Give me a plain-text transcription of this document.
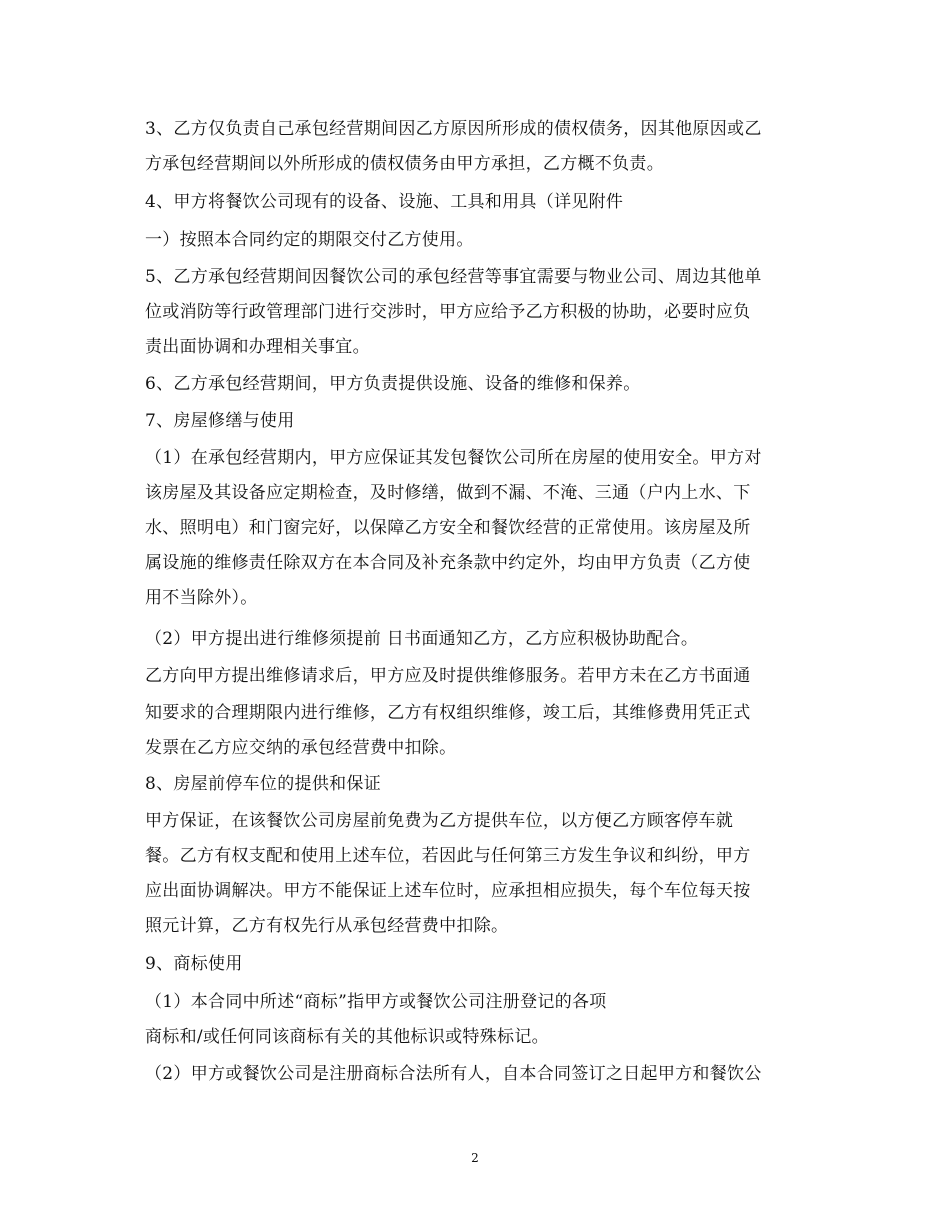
3、乙方仅负责自己承包经营期间因乙方原因所形成的债权债务，因其他原因或乙
方承包经营期间以外所形成的债权债务由甲方承担，乙方概不负责。
4、甲方将餐饮公司现有的设备、设施、工具和用具（详见附件
一）按照本合同约定的期限交付乙方使用。
5、乙方承包经营期间因餐饮公司的承包经营等事宜需要与物业公司、周边其他单
位或消防等行政管理部门进行交涉时，甲方应给予乙方积极的协助，必要时应负
责出面协调和办理相关事宜。
6、乙方承包经营期间，甲方负责提供设施、设备的维修和保养。
7、房屋修缮与使用
（1）在承包经营期内，甲方应保证其发包餐饮公司所在房屋的使用安全。甲方对
该房屋及其设备应定期检查，及时修缮，做到不漏、不淹、三通（户内上水、下
水、照明电）和门窗完好，以保障乙方安全和餐饮经营的正常使用。该房屋及所
属设施的维修责任除双方在本合同及补充条款中约定外，均由甲方负责（乙方使
用不当除外）。
（2）甲方提出进行维修须提前 日书面通知乙方，乙方应积极协助配合。
乙方向甲方提出维修请求后，甲方应及时提供维修服务。若甲方未在乙方书面通
知要求的合理期限内进行维修，乙方有权组织维修，竣工后，其维修费用凭正式
发票在乙方应交纳的承包经营费中扣除。
8、房屋前停车位的提供和保证
甲方保证，在该餐饮公司房屋前免费为乙方提供车位，以方便乙方顾客停车就
餐。乙方有权支配和使用上述车位，若因此与任何第三方发生争议和纠纷，甲方
应出面协调解决。甲方不能保证上述车位时，应承担相应损失，每个车位每天按
照元计算，乙方有权先行从承包经营费中扣除。
9、商标使用
（1）本合同中所述“商标”指甲方或餐饮公司注册登记的各项
商标和/或任何同该商标有关的其他标识或特殊标记。
（2）甲方或餐饮公司是注册商标合法所有人，自本合同签订之日起甲方和餐饮公
2
